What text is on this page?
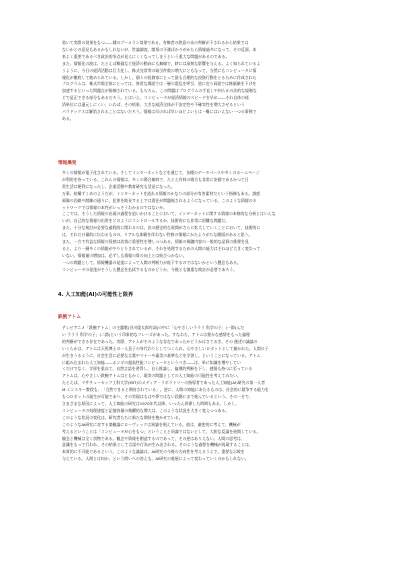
効いて実際の効果をもつ――種のブーメラン効果である。有権者の熱意の末の判断が下されるから結果では

ないかとの意見もあるかもしれないが、世論調査、開票の予測ばかりがかたら情報過多になって、その反面、本

来よく重要であるべき政治的争点が見えにくくなってしまうという重大な問題があるのである。

また、情報化の波は、たとえば株価など経済の動向にも無縁で、時には深刻な影響を与える。よく知られているよ

うように、今日の経済活動は巨大化し、株式売買等の取引件数の増大にともなって、当然にもコンピュータに情

報化が徹底して進められている。しかし、個々の投資家にとって最も合理的な投資行動をとるために作成された

プログラムは、株式市場全体にとっては、異常な場面では一層の混乱を呼び、逆に売り局面では株価値を下げを

加速するといった問題点が指摘されている。もちろん、この問題はプログラムの手直しや何らかの法的な規制な

どで是正できる部分もあるだろう。とはいえ、コンピュータが経済情報のスピードを早め――それ自体の経

済単位には還元しにくい、いわば、その結果、大きな経済全体が不安定性や不確実性を増大させるという

パラドックスは解消されることはないだろう。情報は早ければ早いほどよいとは一概にはいえない一つの事例で

ある。

情報爆発

多くの情報が電子化されている。そしてインターネットなどを通じて、各種のデータベースや多くのホームページ

が利用を待っている。これらの情報は、多くの場合無料で、たとえ有料の場合も非常に安価であるかつて日

常生活は便利になったし、企業活動や教育研究も活発になった。

万事、結構ずくめのようだが、インターネットを流れる情報のかなりの部分が有害素材だという指摘もある。誘惑

画像の匹敵や開陳の通りに、犯罪を助長する上では責任が問題視されるようになっている。このような情報のネ

ットワークでは情報の本性がいっそうわかるのではないか。

ここでは、そうした情報の出現の過程を追いかけることにおいて、インターネットに関する情報の本格的な分析とはいえな

いが、自己的な情報の出所をどのようにコントロールするか、技術的にも非常に困難な問題だ。

また、十分な検討が必要な過程的に関わるのは、次の歴史的な展開がさらに拡大していくことにおいて、技術的に

は、それだけ量的に伝わるものの、リアルな体験を伴わない性格の情報にかたよりがちな側面があると思う。

また、一方で有益な情報の役割は次第に重要性を増しつつある。情報の視聴内容の一般的な品質の推移を見

ると、より一層多くの情報がやりとりされているが、それを処理するための人間の能力はそれほど大きく変わって

いない。情報量の増加は、必ずしも情報の質の向上とは結びつかない。

一つの問題として、情報機器の発達によって人間の判断力が低下するのではないかという懸念もある。

コンピュータの発達がそうした懸念を払拭するものかどうか、今後とも慎重な検討が必要であろう。

4. 人工知能(AI)の可能性と限界
鉄腕アトム

テレビアニメ「鉄腕アトム」の主題歌(谷川俊太郎作詞)の中に「心やさしいラララ 科学の子」(一節)んだ

い ラララ 科学の子」(二節)という印象的なフレーズがあった。すなわち、アトムは豊かな感情をもった倫理

的判断ができる存在であった。実際、アトムがそのような存在であったかどうかはさておき、その 後述の議論の

いくらかは、アトムは天馬博士の一人息子の身代わりとしてつくられ、心やさしいロボットとして描かれた。人間の子

が生きうるように、社会生活に必要な言葉やマナーや審美の基準などを学習し、ということになっている。アトム

に組み込まれた人工知能――ホンダの超高性能コンピュータというべき――は、単に知識を増やしてい

くだけでなく、学習を重ねて、自然言語を習得し、自ら推論し、倫理的判断を下し、感情も持つに至っている

アトムは、心やさしい鉄腕アトムはともかく、現実の問題としての人工知能の可能性を考えてみたい。

たとえば、マサチューセッツ工科大学(MIT)のメディア・ラボラトリーの指導者であった人工知能(AI)研究の第一人者

M.ミンスキー教授も、「当然できると期待されている」。逆に、人間の知能にあたるものは、社会的に競争する能力を

もつロボットの誕生が可能であり、その実現はもはや夢ではない段階にまで進んでいるという。その一方で、

さまざまな原因によって、人工知能の研究は1970年代以降、いったん停滞した時期もある。しかし、

コンピュータの処理速度と記憶容量の飛躍的な増大は、このような状況を大きく変えつつある。

このような状況の変化は、研究者たちに新たな期待を抱かせている。

このようなAI研究に対する楽観論にローヴィックは異論を唱えている。彼は、厳密的に考えて、機械が

考えるということは「コンピュータが心をもつ」ということと同義ではないとして、大胆な反論を展開している。

観念と機械は全く別物である。観念や情報を創造するのであって、その逆はありえない。人間の思考は、

意識をもって行われ、その結果として言語や行為が生み出される。そのような過程を機械が再現することは、

本質的に不可能であるという。このような議論は、AI研究の今後の方向性を考えるうえで、重要な示唆を

与えている。人間とは何か、という問いへの答えも、AI研究の進展によって変わっていくのかもしれない。
